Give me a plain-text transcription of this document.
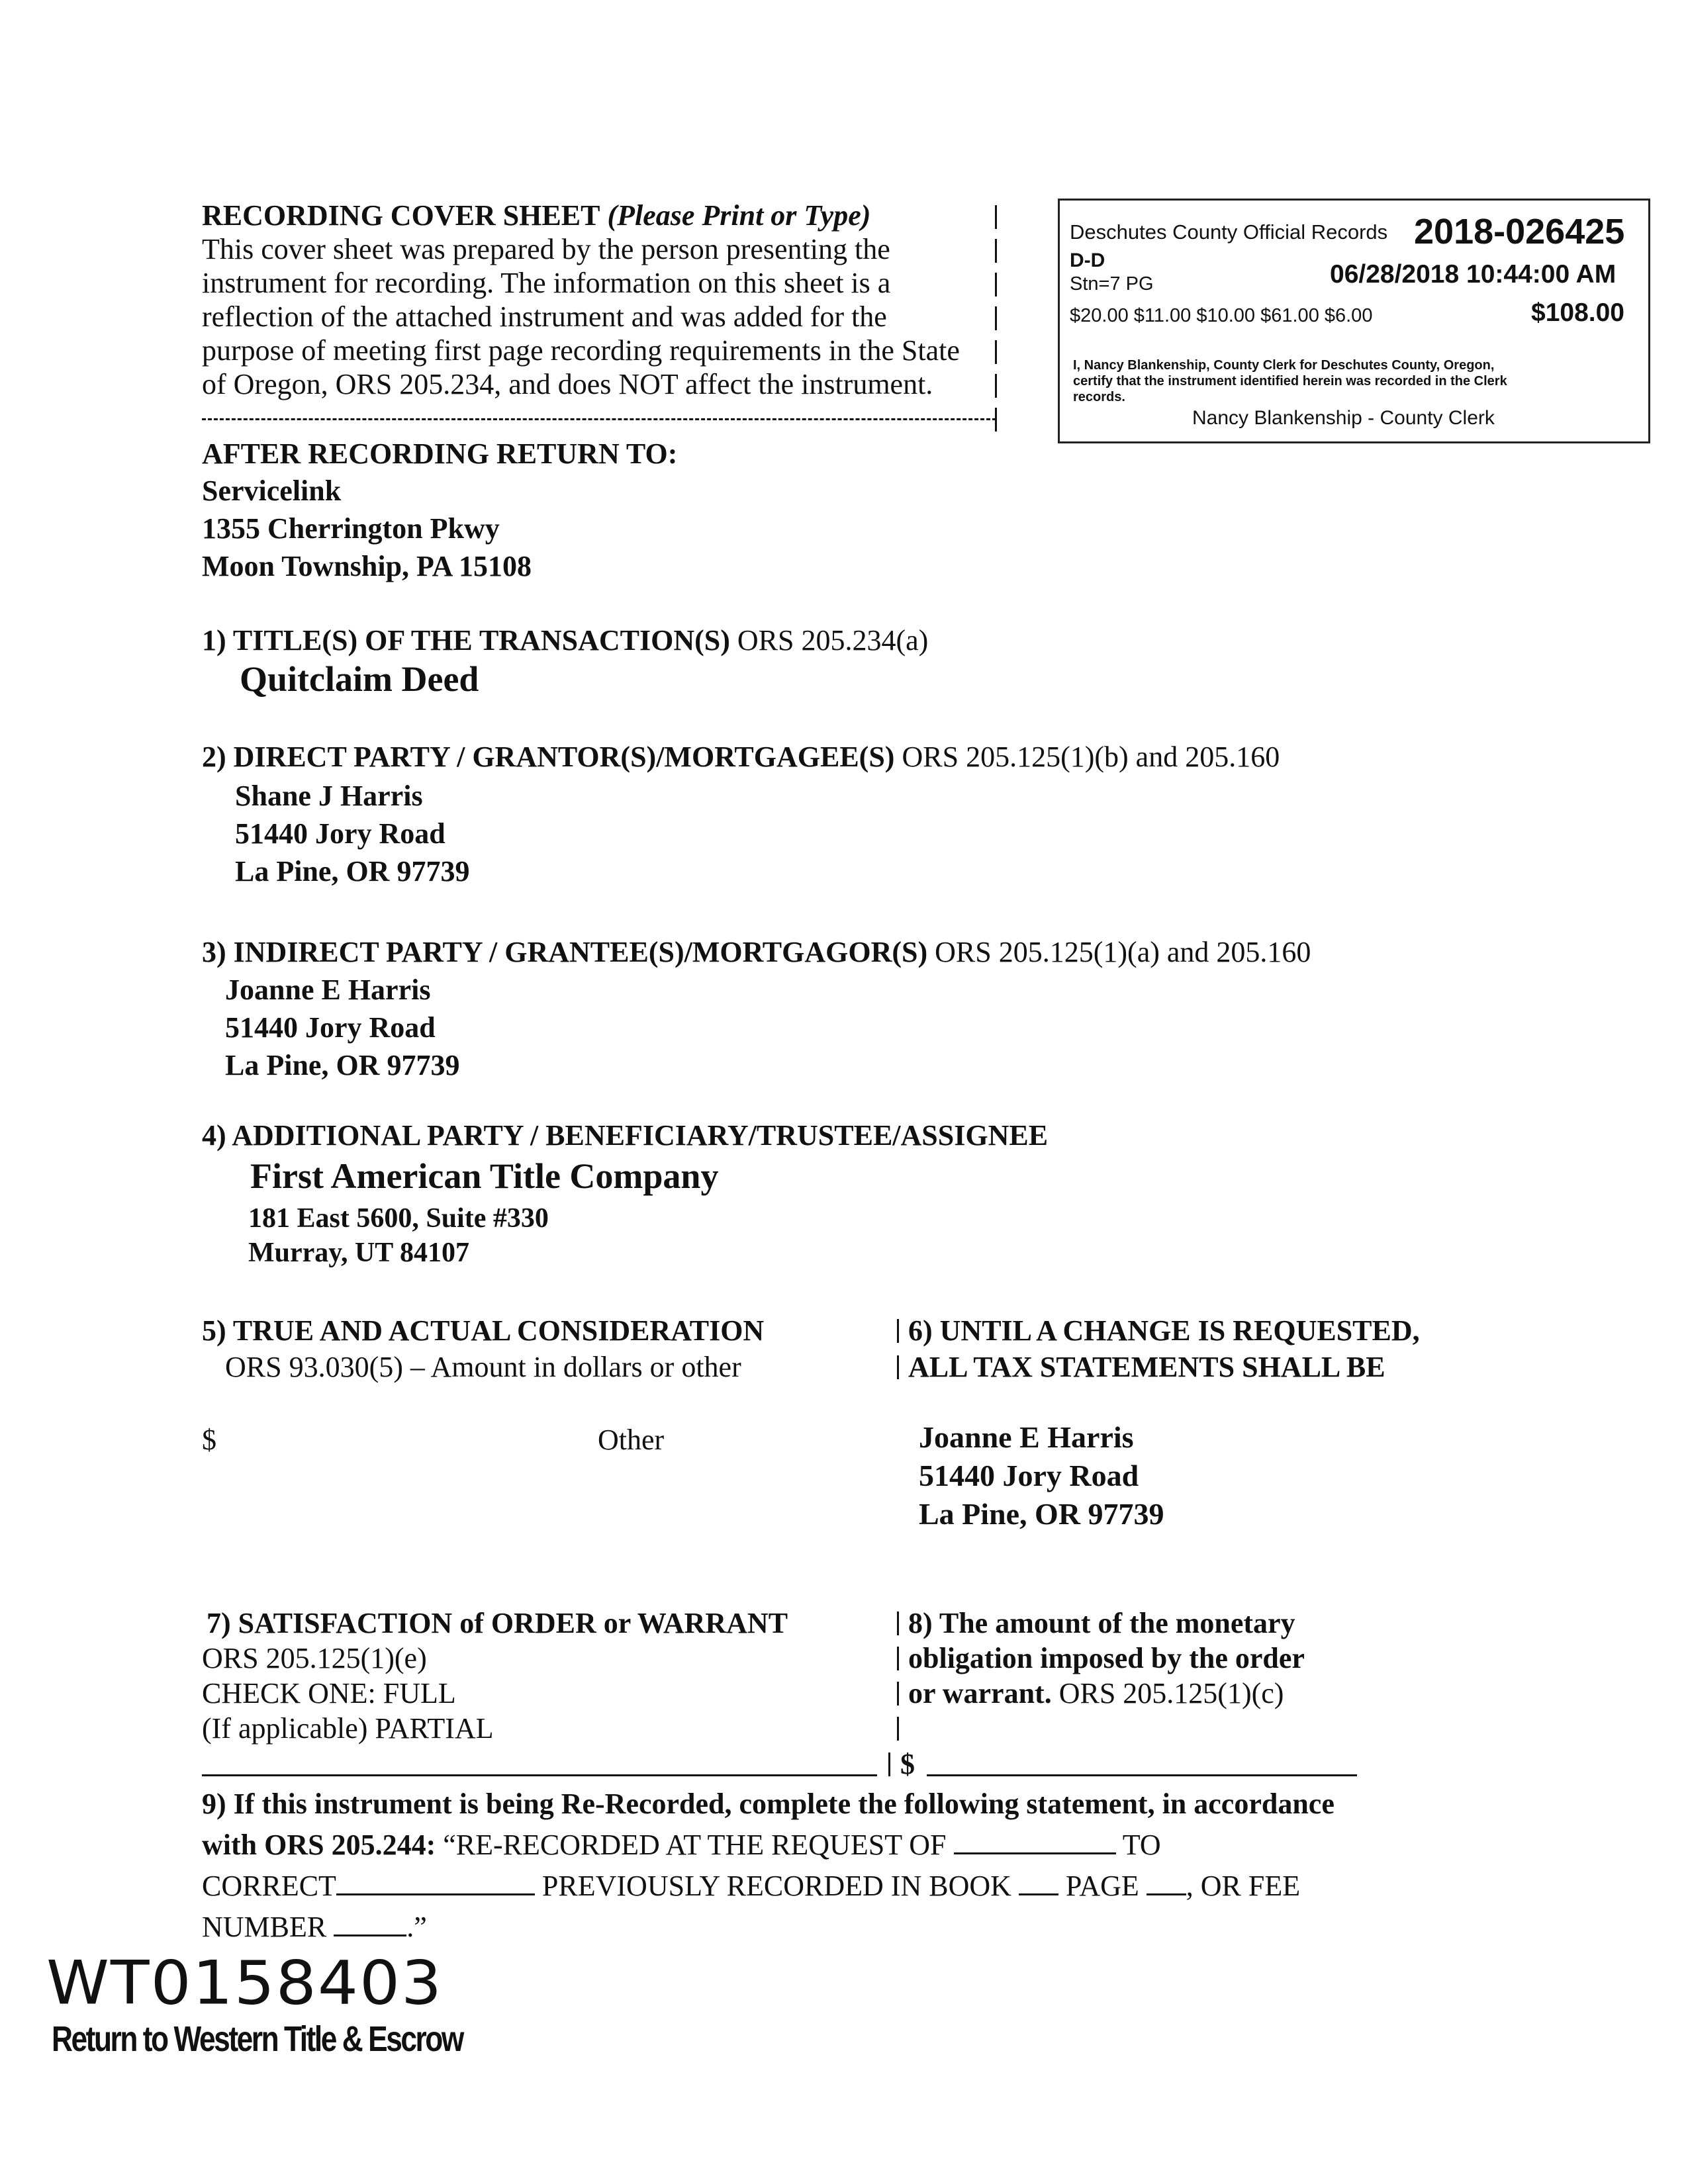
RECORDING COVER SHEET (Please Print or Type)
This cover sheet was prepared by the person presenting the
instrument for recording. The information on this sheet is a
reflection of the attached instrument and was added for the
purpose of meeting first page recording requirements in the State
of Oregon, ORS 205.234, and does NOT affect the instrument.
Deschutes County Official Records 2018-026425
D-D
Stn=7 PG	06/28/2018 10:44:00 AM
$20.00 $11.00 $10.00 $61.00 $6.00	$108.00
I, Nancy Blankenship, County Clerk for Deschutes County, Oregon,
certify that the instrument identified herein was recorded in the Clerk
records.
Nancy Blankenship - County Clerk
AFTER RECORDING RETURN TO:
Servicelink
1355 Cherrington Pkwy
Moon Township, PA 15108
1) TITLE(S) OF THE TRANSACTION(S) ORS 205.234(a)
Quitclaim Deed
2) DIRECT PARTY / GRANTOR(S)/MORTGAGEE(S) ORS 205.125(1)(b) and 205.160
Shane J Harris
51440 Jory Road
La Pine, OR 97739
3) INDIRECT PARTY / GRANTEE(S)/MORTGAGOR(S) ORS 205.125(1)(a) and 205.160
Joanne E Harris
51440 Jory Road
La Pine, OR 97739
4) ADDITIONAL PARTY / BENEFICIARY/TRUSTEE/ASSIGNEE
First American Title Company
181 East 5600, Suite #330
Murray, UT 84107
5) TRUE AND ACTUAL CONSIDERATION
ORS 93.030(5) – Amount in dollars or other
$	Other
6) UNTIL A CHANGE IS REQUESTED,
ALL TAX STATEMENTS SHALL BE
Joanne E Harris
51440 Jory Road
La Pine, OR 97739
7) SATISFACTION of ORDER or WARRANT
ORS 205.125(1)(e)
CHECK ONE: FULL
(If applicable) PARTIAL
8) The amount of the monetary
obligation imposed by the order
or warrant. ORS 205.125(1)(c)
$
9) If this instrument is being Re-Recorded, complete the following statement, in accordance
with ORS 205.244: “RE-RECORDED AT THE REQUEST OF	TO
CORRECT	PREVIOUSLY RECORDED IN BOOK PAGE , OR FEE
NUMBER	.”
WT0158403
Return to Western Title & Escrow
